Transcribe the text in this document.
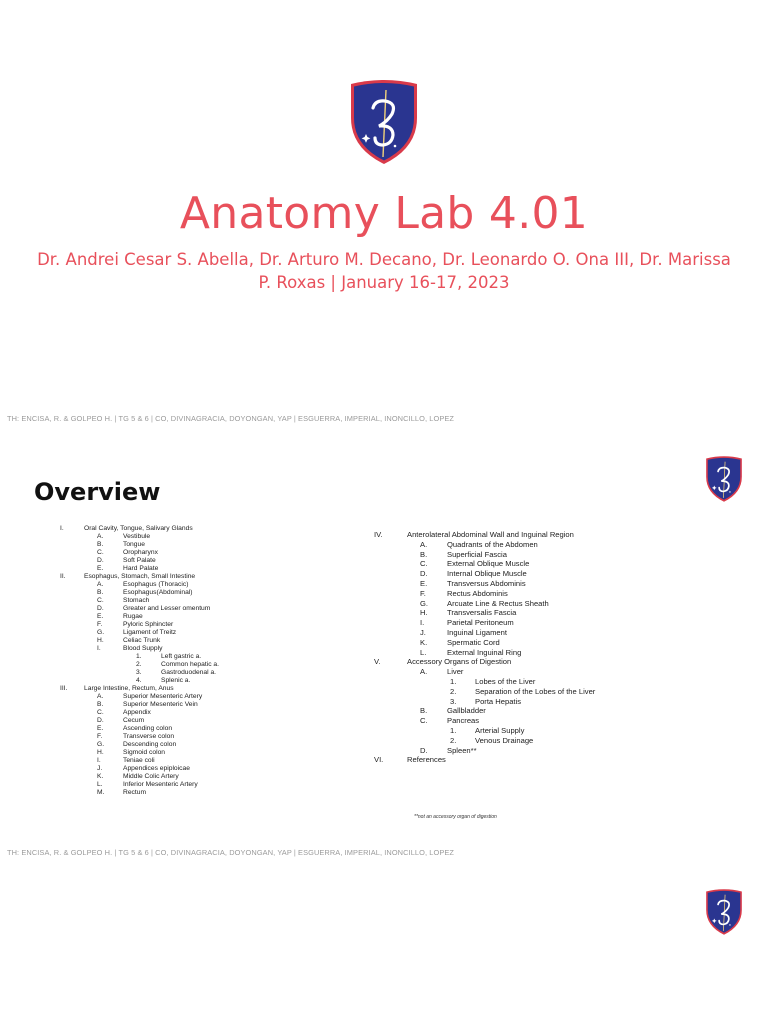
Anatomy Lab 4.01
Dr. Andrei Cesar S. Abella, Dr. Arturo M. Decano, Dr. Leonardo O. Ona III, Dr. Marissa P. Roxas | January 16-17, 2023
TH: ENCISA, R. & GOLPEO H. | TG 5 & 6 | CO, DIVINAGRACIA, DOYONGAN, YAP | ESGUERRA, IMPERIAL, INONCILLO, LOPEZ
Overview
I.	Oral Cavity, Tongue, Salivary Glands
A.	Vestibule
B.	Tongue
C.	Oropharynx
D.	Soft Palate
E.	Hard Palate
II.	Esophagus, Stomach, Small Intestine
A.	Esophagus (Thoracic)
B.	Esophagus(Abdominal)
C.	Stomach
D.	Greater and Lesser omentum
E.	Rugae
F.	Pyloric Sphincter
G.	Ligament of Treitz
H.	Celiac Trunk
I.	Blood Supply
1.	Left gastric a.
2.	Common hepatic a.
3.	Gastroduodenal a.
4.	Splenic a.
III. Large Intestine, Rectum, Anus
A.	Superior Mesenteric Artery
B.	Superior Mesenteric Vein
C.	Appendix
D.	Cecum
E.	Ascending colon
F.	Transverse colon
G.	Descending colon
H.	Sigmoid colon
I.	Teniae coli
J.	Appendices epiploicae
K.	Middle Colic Artery
L.	Inferior Mesenteric Artery
M.	Rectum
IV.	Anterolateral Abdominal Wall and Inguinal Region
A.	Quadrants of the Abdomen
B.	Superficial Fascia
C.	External Oblique Muscle
D.	Internal Oblique Muscle
E.	Transversus Abdominis
F.	Rectus Abdominis
G. Arcuate Line & Rectus Sheath
H.	Transversalis Fascia
I.	Parietal Peritoneum
J.	Inguinal Ligament
K.	Spermatic Cord
L.	External Inguinal Ring
V.	Accessory Organs of Digestion
A.	Liver
1. Lobes of the Liver
2. Separation of the Lobes of the Liver
3. Porta Hepatis
B.	Gallbladder
C.	Pancreas
1. Arterial Supply
2. Venous Drainage
D.	Spleen**
VI.	References
**not an accessory organ of digestion
TH: ENCISA, R. & GOLPEO H. | TG 5 & 6 | CO, DIVINAGRACIA, DOYONGAN, YAP | ESGUERRA, IMPERIAL, INONCILLO, LOPEZ
